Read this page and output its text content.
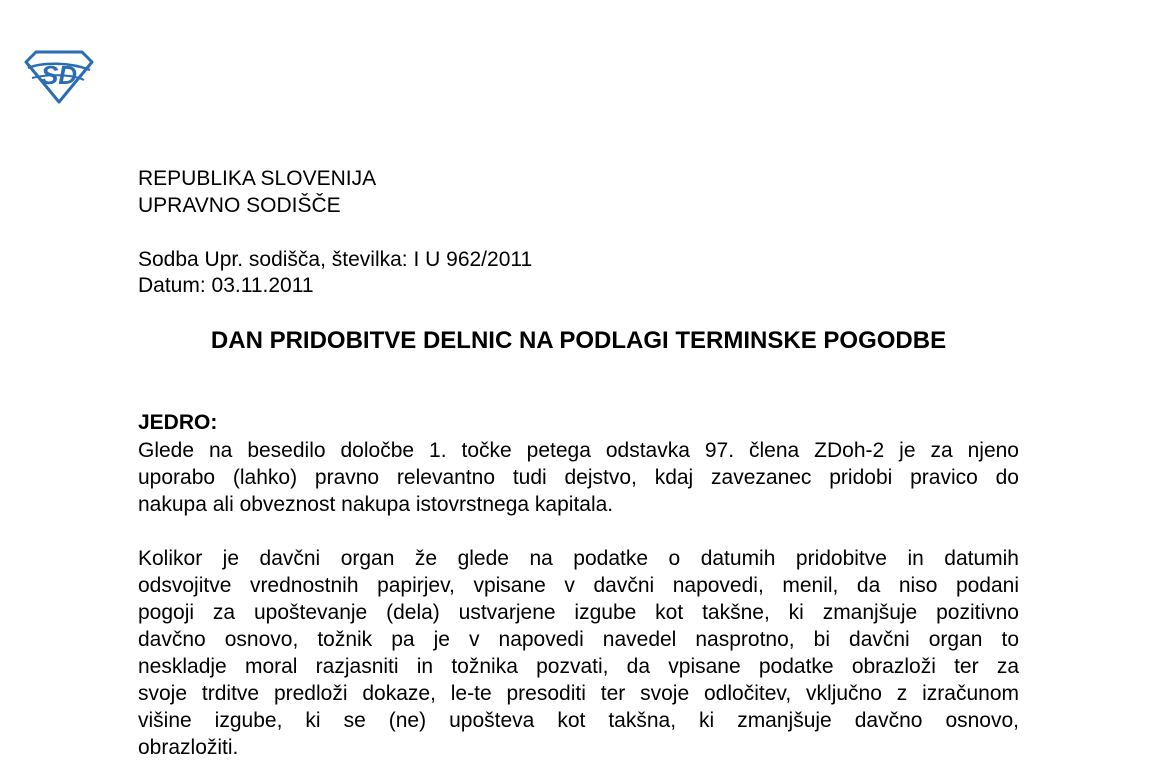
SD
REPUBLIKA SLOVENIJA
UPRAVNO SODIŠČE
Sodba Upr. sodišča, številka: I U 962/2011
Datum: 03.11.2011
DAN PRIDOBITVE DELNIC NA PODLAGI TERMINSKE POGODBE
JEDRO:
Glede na besedilo določbe 1. točke petega odstavka 97. člena ZDoh-2 je za njeno
uporabo (lahko) pravno relevantno tudi dejstvo, kdaj zavezanec pridobi pravico do
nakupa ali obveznost nakupa istovrstnega kapitala.
Kolikor je davčni organ že glede na podatke o datumih pridobitve in datumih
odsvojitve vrednostnih papirjev, vpisane v davčni napovedi, menil, da niso podani
pogoji za upoštevanje (dela) ustvarjene izgube kot takšne, ki zmanjšuje pozitivno
davčno osnovo, tožnik pa je v napovedi navedel nasprotno, bi davčni organ to
neskladje moral razjasniti in tožnika pozvati, da vpisane podatke obrazloži ter za
svoje trditve predloži dokaze, le-te presoditi ter svoje odločitev, vključno z izračunom
višine izgube, ki se (ne) upošteva kot takšna, ki zmanjšuje davčno osnovo,
obrazložiti.
